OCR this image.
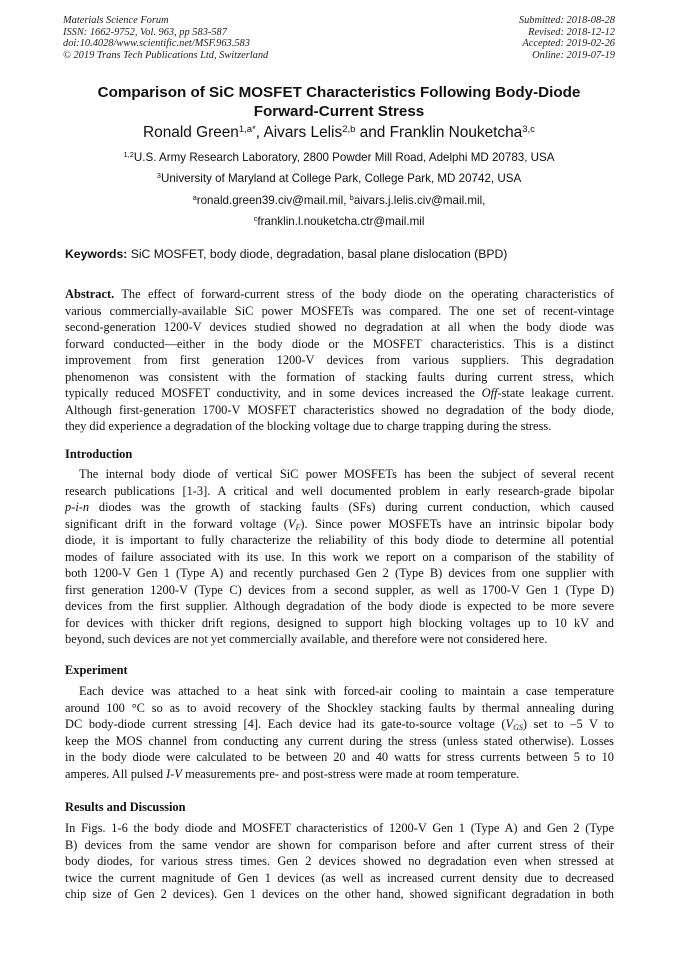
Materials Science Forum
ISSN: 1662-9752, Vol. 963, pp 583-587
doi:10.4028/www.scientific.net/MSF.963.583
© 2019 Trans Tech Publications Ltd, Switzerland
Submitted: 2018-08-28
Revised: 2018-12-12
Accepted: 2019-02-26
Online: 2019-07-19
Comparison of SiC MOSFET Characteristics Following Body-Diode
Forward-Current Stress
Ronald Green$^{1,a*}$, Aivars Lelis$^{2,b}$ and Franklin Nouketcha$^{3,c}$
$^{1,2}$U.S. Army Research Laboratory, 2800 Powder Mill Road, Adelphi MD 20783, USA
$^3$University of Maryland at College Park, College Park, MD 20742, USA
$^a$ronald.green39.civ@mail.mil, $^b$aivars.j.lelis.civ@mail.mil,
$^c$franklin.l.nouketcha.ctr@mail.mil
Keywords: SiC MOSFET, body diode, degradation, basal plane dislocation (BPD)
Abstract. The effect of forward-current stress of the body diode on the operating characteristics of
various commercially-available SiC power MOSFETs was compared. The one set of recent-vintage
second-generation 1200-V devices studied showed no degradation at all when the body diode was
forward conducted—either in the body diode or the MOSFET characteristics. This is a distinct
improvement from first generation 1200-V devices from various suppliers. This degradation
phenomenon was consistent with the formation of stacking faults during current stress, which
typically reduced MOSFET conductivity, and in some devices increased the Off-state leakage current.
Although first-generation 1700-V MOSFET characteristics showed no degradation of the body diode,
they did experience a degradation of the blocking voltage due to charge trapping during the stress.
Introduction
The internal body diode of vertical SiC power MOSFETs has been the subject of several recent
research publications [1-3]. A critical and well documented problem in early research-grade bipolar
p-i-n diodes was the growth of stacking faults (SFs) during current conduction, which caused
significant drift in the forward voltage $(V_F)$. Since power MOSFETs have an intrinsic bipolar body
diode, it is important to fully characterize the reliability of this body diode to determine all potential
modes of failure associated with its use. In this work we report on a comparison of the stability of
both 1200-V Gen 1 (Type A) and recently purchased Gen 2 (Type B) devices from one supplier with
first generation 1200-V (Type C) devices from a second suppler, as well as 1700-V Gen 1 (Type D)
devices from the first supplier. Although degradation of the body diode is expected to be more severe
for devices with thicker drift regions, designed to support high blocking voltages up to 10 kV and
beyond, such devices are not yet commercially available, and therefore were not considered here.
Experiment
Each device was attached to a heat sink with forced-air cooling to maintain a case temperature
around 100 °C so as to avoid recovery of the Shockley stacking faults by thermal annealing during
DC body-diode current stressing [4]. Each device had its gate-to-source voltage $(V_{GS})$ set to –5 V to
keep the MOS channel from conducting any current during the stress (unless stated otherwise). Losses
in the body diode were calculated to be between 20 and 40 watts for stress currents between 5 to 10
amperes. All pulsed I-V measurements pre- and post-stress were made at room temperature.
Results and Discussion
In Figs. 1-6 the body diode and MOSFET characteristics of 1200-V Gen 1 (Type A) and Gen 2 (Type
B) devices from the same vendor are shown for comparison before and after current stress of their
body diodes, for various stress times. Gen 2 devices showed no degradation even when stressed at
twice the current magnitude of Gen 1 devices (as well as increased current density due to decreased
chip size of Gen 2 devices). Gen 1 devices on the other hand, showed significant degradation in both
